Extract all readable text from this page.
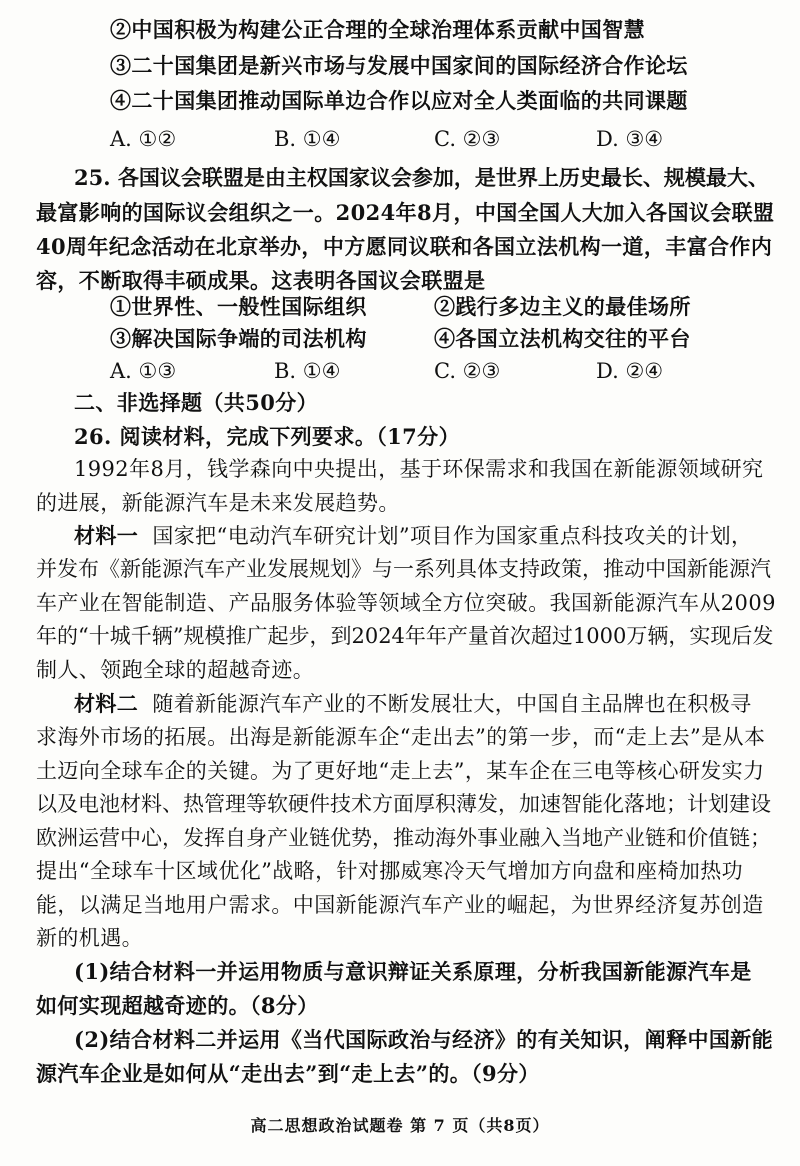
②中国积极为构建公正合理的全球治理体系贡献中国智慧
③二十国集团是新兴市场与发展中国家间的国际经济合作论坛
④二十国集团推动国际单边合作以应对全人类面临的共同课题
A. ①②	B. ①④	C. ②③	D. ③④
25. 各国议会联盟是由主权国家议会参加，是世界上历史最长、规模最大、
最富影响的国际议会组织之一。2024年8月，中国全国人大加入各国议会联盟
40周年纪念活动在北京举办，中方愿同议联和各国立法机构一道，丰富合作内
容，不断取得丰硕成果。这表明各国议会联盟是
①世界性、一般性国际组织	②践行多边主义的最佳场所
③解决国际争端的司法机构	④各国立法机构交往的平台
A. ①③	B. ①④	C. ②③	D. ②④
二、非选择题（共50分）
26. 阅读材料，完成下列要求。（17分）
1992年8月，钱学森向中央提出，基于环保需求和我国在新能源领域研究
的进展，新能源汽车是未来发展趋势。
材料一 国家把“电动汽车研究计划”项目作为国家重点科技攻关的计划，
并发布《新能源汽车产业发展规划》与一系列具体支持政策，推动中国新能源汽
车产业在智能制造、产品服务体验等领域全方位突破。我国新能源汽车从2009
年的“十城千辆”规模推广起步，到2024年年产量首次超过1000万辆，实现后发
制人、领跑全球的超越奇迹。
材料二 随着新能源汽车产业的不断发展壮大，中国自主品牌也在积极寻
求海外市场的拓展。出海是新能源车企“走出去”的第一步，而“走上去”是从本
土迈向全球车企的关键。为了更好地“走上去”，某车企在三电等核心研发实力
以及电池材料、热管理等软硬件技术方面厚积薄发，加速智能化落地；计划建设
欧洲运营中心，发挥自身产业链优势，推动海外事业融入当地产业链和价值链；
提出“全球车十区域优化”战略，针对挪威寒冷天气增加方向盘和座椅加热功
能，以满足当地用户需求。中国新能源汽车产业的崛起，为世界经济复苏创造
新的机遇。
(1)结合材料一并运用物质与意识辩证关系原理，分析我国新能源汽车是
如何实现超越奇迹的。（8分）
(2)结合材料二并运用《当代国际政治与经济》的有关知识，阐释中国新能
源汽车企业是如何从“走出去”到“走上去”的。（9分）
高二思想政治试题卷 第 7 页（共8页）
